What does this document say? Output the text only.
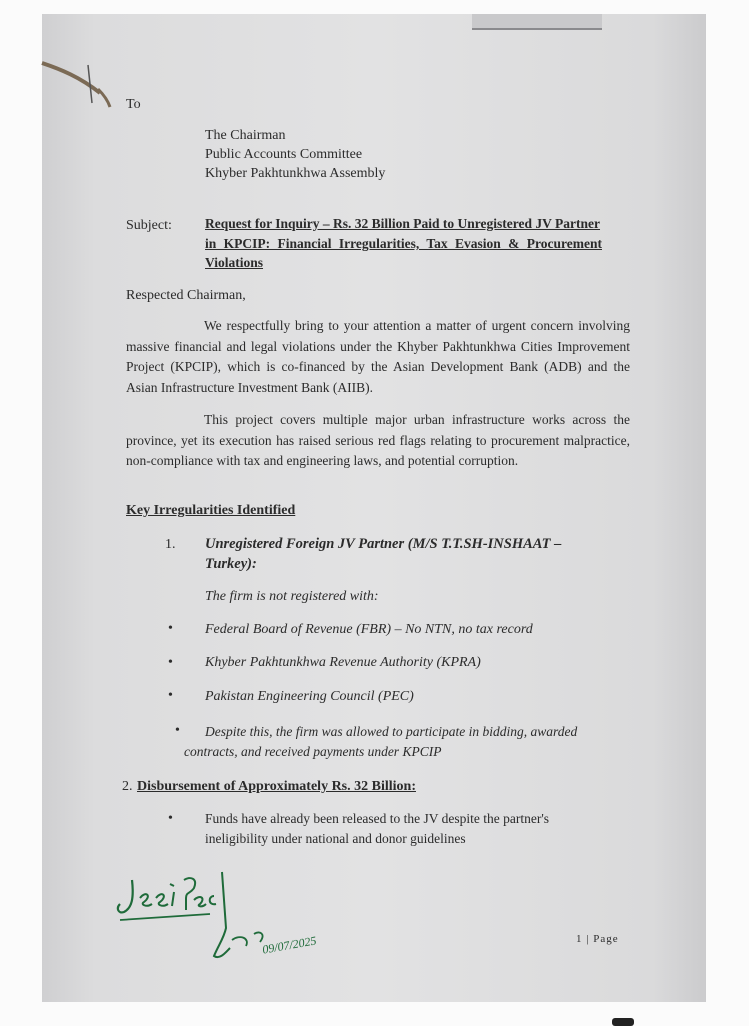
To
The Chairman
Public Accounts Committee
Khyber Pakhtunkhwa Assembly
Subject: Request for Inquiry – Rs. 32 Billion Paid to Unregistered JV Partner
in KPCIP: Financial Irregularities, Tax Evasion & Procurement
Violations
Respected Chairman,
We respectfully bring to your attention a matter of urgent concern involving massive financial and legal violations under the Khyber Pakhtunkhwa Cities Improvement Project (KPCIP), which is co-financed by the Asian Development Bank (ADB) and the Asian Infrastructure Investment Bank (AIIB).
This project covers multiple major urban infrastructure works across the province, yet its execution has raised serious red flags relating to procurement malpractice, non-compliance with tax and engineering laws, and potential corruption.
Key Irregularities Identified
1. Unregistered Foreign JV Partner (M/S T.T.SH-INSHAAT –
Turkey):
The firm is not registered with:
• Federal Board of Revenue (FBR) – No NTN, no tax record
• Khyber Pakhtunkhwa Revenue Authority (KPRA)
• Pakistan Engineering Council (PEC)
• Despite this, the firm was allowed to participate in bidding, awarded
contracts, and received payments under KPCIP
2. Disbursement of Approximately Rs. 32 Billion:
• Funds have already been released to the JV despite the partner's
ineligibility under national and donor guidelines
09/07/2025	1 | Page
